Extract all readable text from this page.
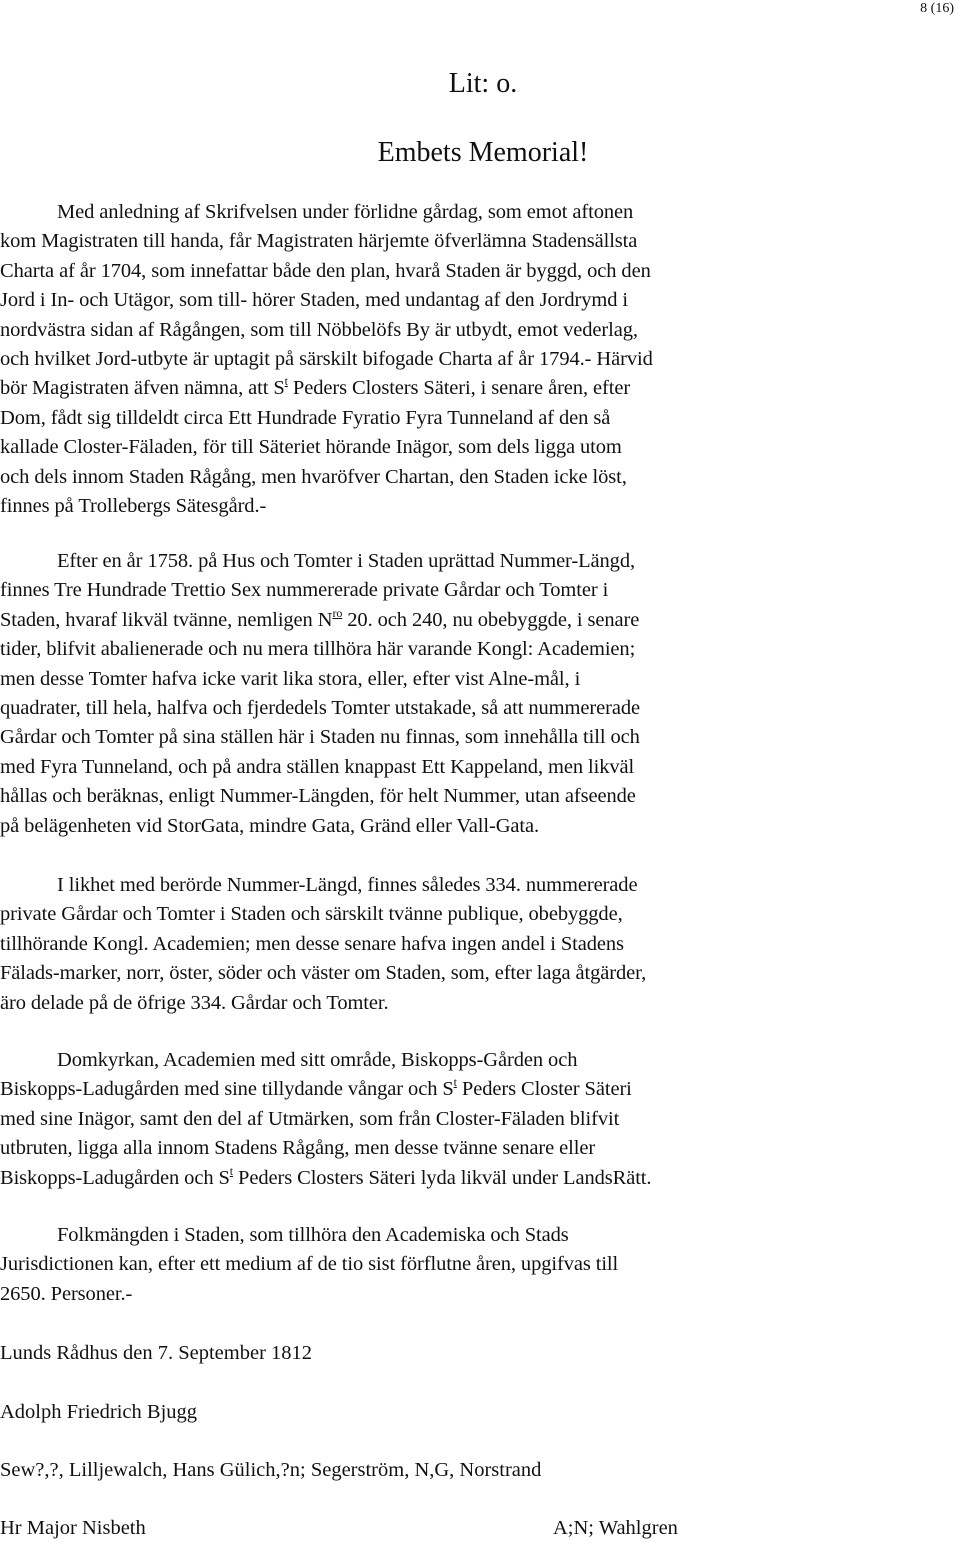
8 (16)
Lit: o.
Embets Memorial!

Med anledning af Skrifvelsen under förlidne gårdag, som emot aftonen
kom Magistraten till handa, får Magistraten härjemte öfverlämna Stadensällsta
Charta af år 1704, som innefattar både den plan, hvarå Staden är byggd, och den
Jord i In- och Utägor, som till- hörer Staden, med undantag af den Jordrymd i
nordvästra sidan af Rågången, som till Nöbbelöfs By är utbydt, emot vederlag,
och hvilket Jord-utbyte är uptagit på särskilt bifogade Charta af år 1794.- Härvid
bör Magistraten äfven nämna, att $S^t$ Peders Closters Säteri, i senare åren, efter
Dom, fådt sig tilldeldt circa Ett Hundrade Fyratio Fyra Tunneland af den så
kallade Closter-Fäladen, för till Säteriet hörande Inägor, som dels ligga utom
och dels innom Staden Rågång, men hvaröfver Chartan, den Staden icke löst,
finnes på Trollebergs Sätesgård.-

Efter en år 1758. på Hus och Tomter i Staden uprättad Nummer-Längd,
finnes Tre Hundrade Trettio Sex nummererade private Gårdar och Tomter i
Staden, hvaraf likväl tvänne, nemligen $N^{ro}$ 20. och 240, nu obebyggde, i senare
tider, blifvit abalienerade och nu mera tillhöra här varande Kongl: Academien;
men desse Tomter hafva icke varit lika stora, eller, efter vist Alne-mål, i
quadrater, till hela, halfva och fjerdedels Tomter utstakade, så att nummererade
Gårdar och Tomter på sina ställen här i Staden nu finnas, som innehålla till och
med Fyra Tunneland, och på andra ställen knappast Ett Kappeland, men likväl
hållas och beräknas, enligt Nummer-Längden, för helt Nummer, utan afseende
på belägenheten vid StorGata, mindre Gata, Gränd eller Vall-Gata.

I likhet med berörde Nummer-Längd, finnes således 334. nummererade
private Gårdar och Tomter i Staden och särskilt tvänne publique, obebyggde,
tillhörande Kongl. Academien; men desse senare hafva ingen andel i Stadens
Fälads-marker, norr, öster, söder och väster om Staden, som, efter laga åtgärder,
äro delade på de öfrige 334. Gårdar och Tomter.

Domkyrkan, Academien med sitt område, Biskopps-Gården och
Biskopps-Ladugården med sine tillydande vångar och $S^t$ Peders Closter Säteri
med sine Inägor, samt den del af Utmärken, som från Closter-Fäladen blifvit
utbruten, ligga alla innom Stadens Rågång, men desse tvänne senare eller
Biskopps-Ladugården och $S^t$ Peders Closters Säteri lyda likväl under LandsRätt.

Folkmängden i Staden, som tillhöra den Academiska och Stads
Jurisdictionen kan, efter ett medium af de tio sist förflutne åren, upgifvas till
2650. Personer.-

Lunds Rådhus den 7. September 1812
Adolph Friedrich Bjugg
Sew?,?, Lilljewalch, Hans Gülich,?n; Segerström, N,G, Norstrand
Hr Major Nisbeth	A;N; Wahlgren
